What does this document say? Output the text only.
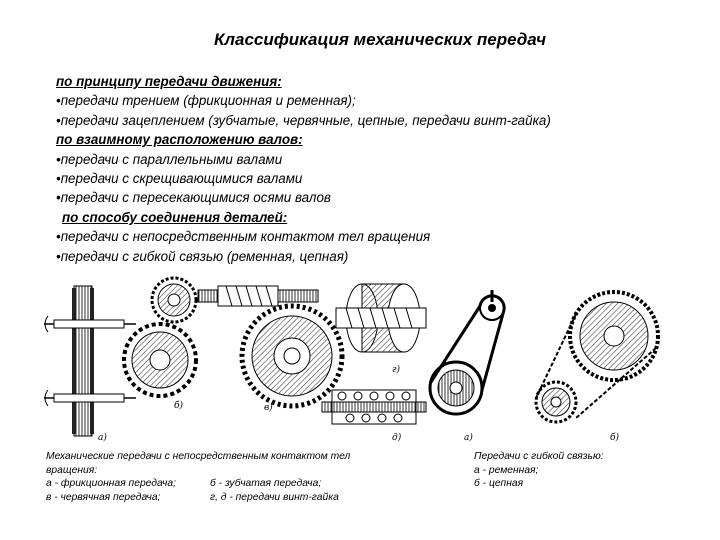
Классификация механических передач
по принципу передачи движения:
•передачи трением (фрикционная и ременная);
•передачи зацеплением (зубчатые, червячные, цепные, передачи винт-гайка)
по взаимному расположению валов:
•передачи с параллельными валами
•передачи с скрещивающимися валами
•передачи с пересекающимися осями валов
по способу соединения деталей:
•передачи с непосредственным контактом тел вращения
•передачи с гибкой связью (ременная, цепная)
а)
б)	в)
г)
д)	а)	б)
Механические передачи с непосредственным контактом тел
вращения:
а - фрикционная передача;	б - зубчатая передача;
в - червячная передача;	г, д - передачи винт-гайка
Передачи с гибкой связью:
а - ременная;
б - цепная
